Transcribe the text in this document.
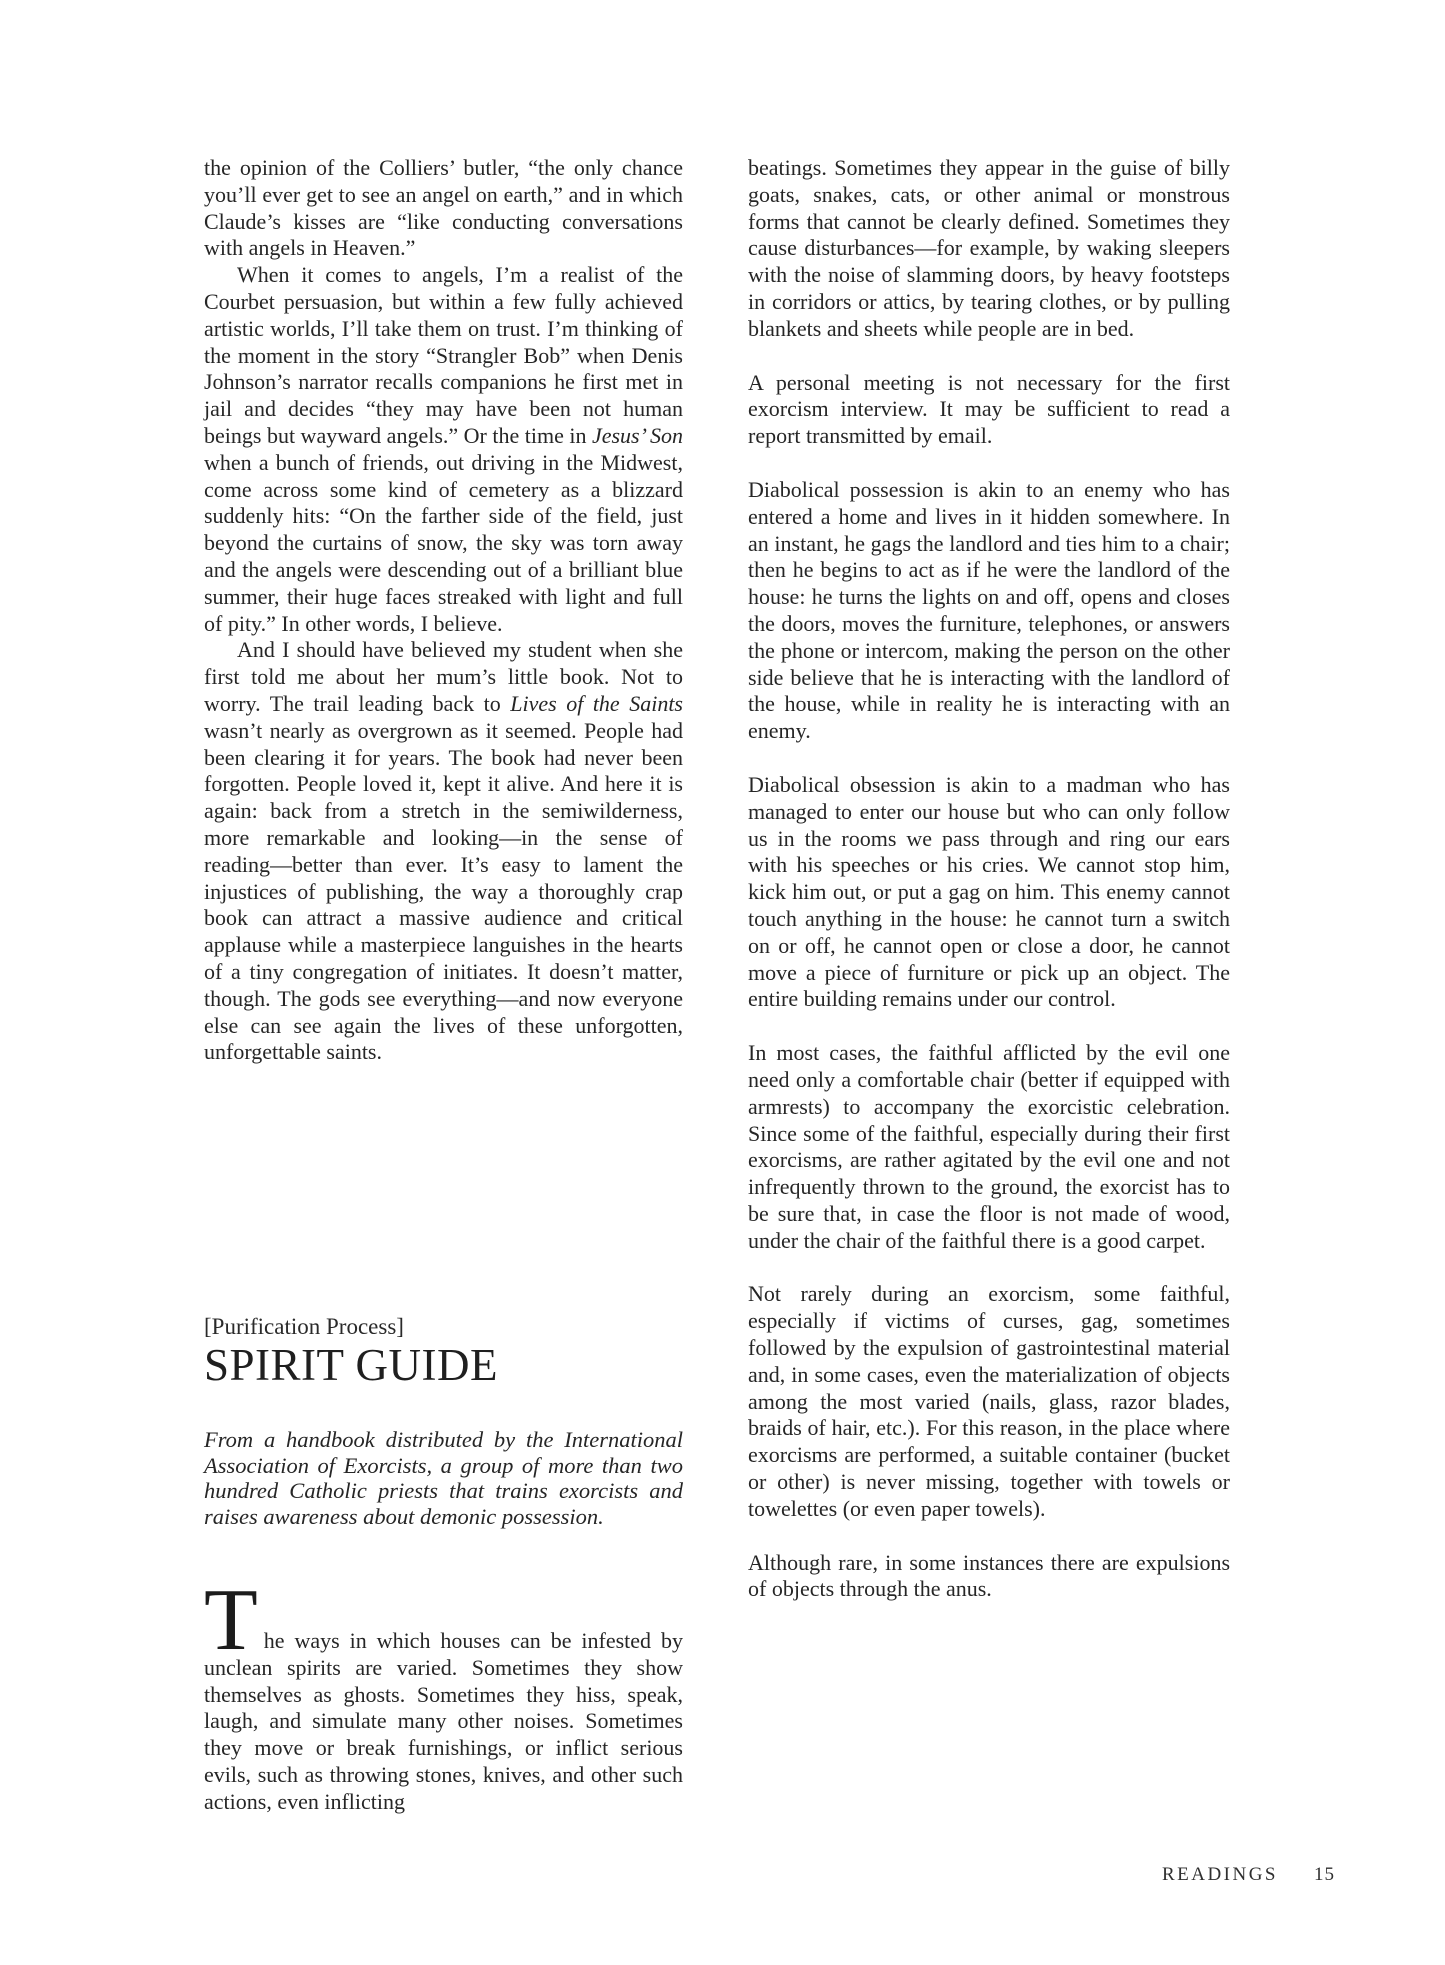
the opinion of the Colliers’ butler, “the only chance you’ll ever get to see an angel on earth,” and in which Claude’s kisses are “like conducting conversations with angels in Heaven.”

When it comes to angels, I’m a realist of the Courbet persuasion, but within a few fully achieved artistic worlds, I’ll take them on trust. I’m thinking of the moment in the story “Strangler Bob” when Denis Johnson’s narrator recalls companions he first met in jail and decides “they may have been not human beings but wayward angels.” Or the time in Jesus’ Son when a bunch of friends, out driving in the Midwest, come across some kind of cemetery as a blizzard suddenly hits: “On the farther side of the field, just beyond the curtains of snow, the sky was torn away and the angels were descending out of a brilliant blue summer, their huge faces streaked with light and full of pity.” In other words, I believe.

And I should have believed my student when she first told me about her mum’s little book. Not to worry. The trail leading back to Lives of the Saints wasn’t nearly as overgrown as it seemed. People had been clearing it for years. The book had never been forgotten. People loved it, kept it alive. And here it is again: back from a stretch in the semiwilderness, more remarkable and looking—in the sense of reading—better than ever. It’s easy to lament the injustices of publishing, the way a thoroughly crap book can attract a massive audience and critical applause while a masterpiece languishes in the hearts of a tiny congregation of initiates. It doesn’t matter, though. The gods see everything—and now everyone else can see again the lives of these unforgotten, unforgettable saints.

[Purification Process]
SPIRIT GUIDE

From a handbook distributed by the International Association of Exorcists, a group of more than two hundred Catholic priests that trains exorcists and raises awareness about demonic possession.

The ways in which houses can be infested by unclean spirits are varied. Sometimes they show themselves as ghosts. Sometimes they hiss, speak, laugh, and simulate many other noises. Sometimes they move or break furnishings, or inflict serious evils, such as throwing stones, knives, and other such actions, even inflicting

beatings. Sometimes they appear in the guise of billy goats, snakes, cats, or other animal or monstrous forms that cannot be clearly defined. Sometimes they cause disturbances—for example, by waking sleepers with the noise of slamming doors, by heavy footsteps in corridors or attics, by tearing clothes, or by pulling blankets and sheets while people are in bed.

A personal meeting is not necessary for the first exorcism interview. It may be sufficient to read a report transmitted by email.

Diabolical possession is akin to an enemy who has entered a home and lives in it hidden somewhere. In an instant, he gags the landlord and ties him to a chair; then he begins to act as if he were the landlord of the house: he turns the lights on and off, opens and closes the doors, moves the furniture, telephones, or answers the phone or intercom, making the person on the other side believe that he is interacting with the landlord of the house, while in reality he is interacting with an enemy.

Diabolical obsession is akin to a madman who has managed to enter our house but who can only follow us in the rooms we pass through and ring our ears with his speeches or his cries. We cannot stop him, kick him out, or put a gag on him. This enemy cannot touch anything in the house: he cannot turn a switch on or off, he cannot open or close a door, he cannot move a piece of furniture or pick up an object. The entire building remains under our control.

In most cases, the faithful afflicted by the evil one need only a comfortable chair (better if equipped with armrests) to accompany the exorcistic celebration. Since some of the faithful, especially during their first exorcisms, are rather agitated by the evil one and not infrequently thrown to the ground, the exorcist has to be sure that, in case the floor is not made of wood, under the chair of the faithful there is a good carpet.

Not rarely during an exorcism, some faithful, especially if victims of curses, gag, sometimes followed by the expulsion of gastrointestinal material and, in some cases, even the materialization of objects among the most varied (nails, glass, razor blades, braids of hair, etc.). For this reason, in the place where exorcisms are performed, a suitable container (bucket or other) is never missing, together with towels or towelettes (or even paper towels).

Although rare, in some instances there are expulsions of objects through the anus.

READINGS 15
